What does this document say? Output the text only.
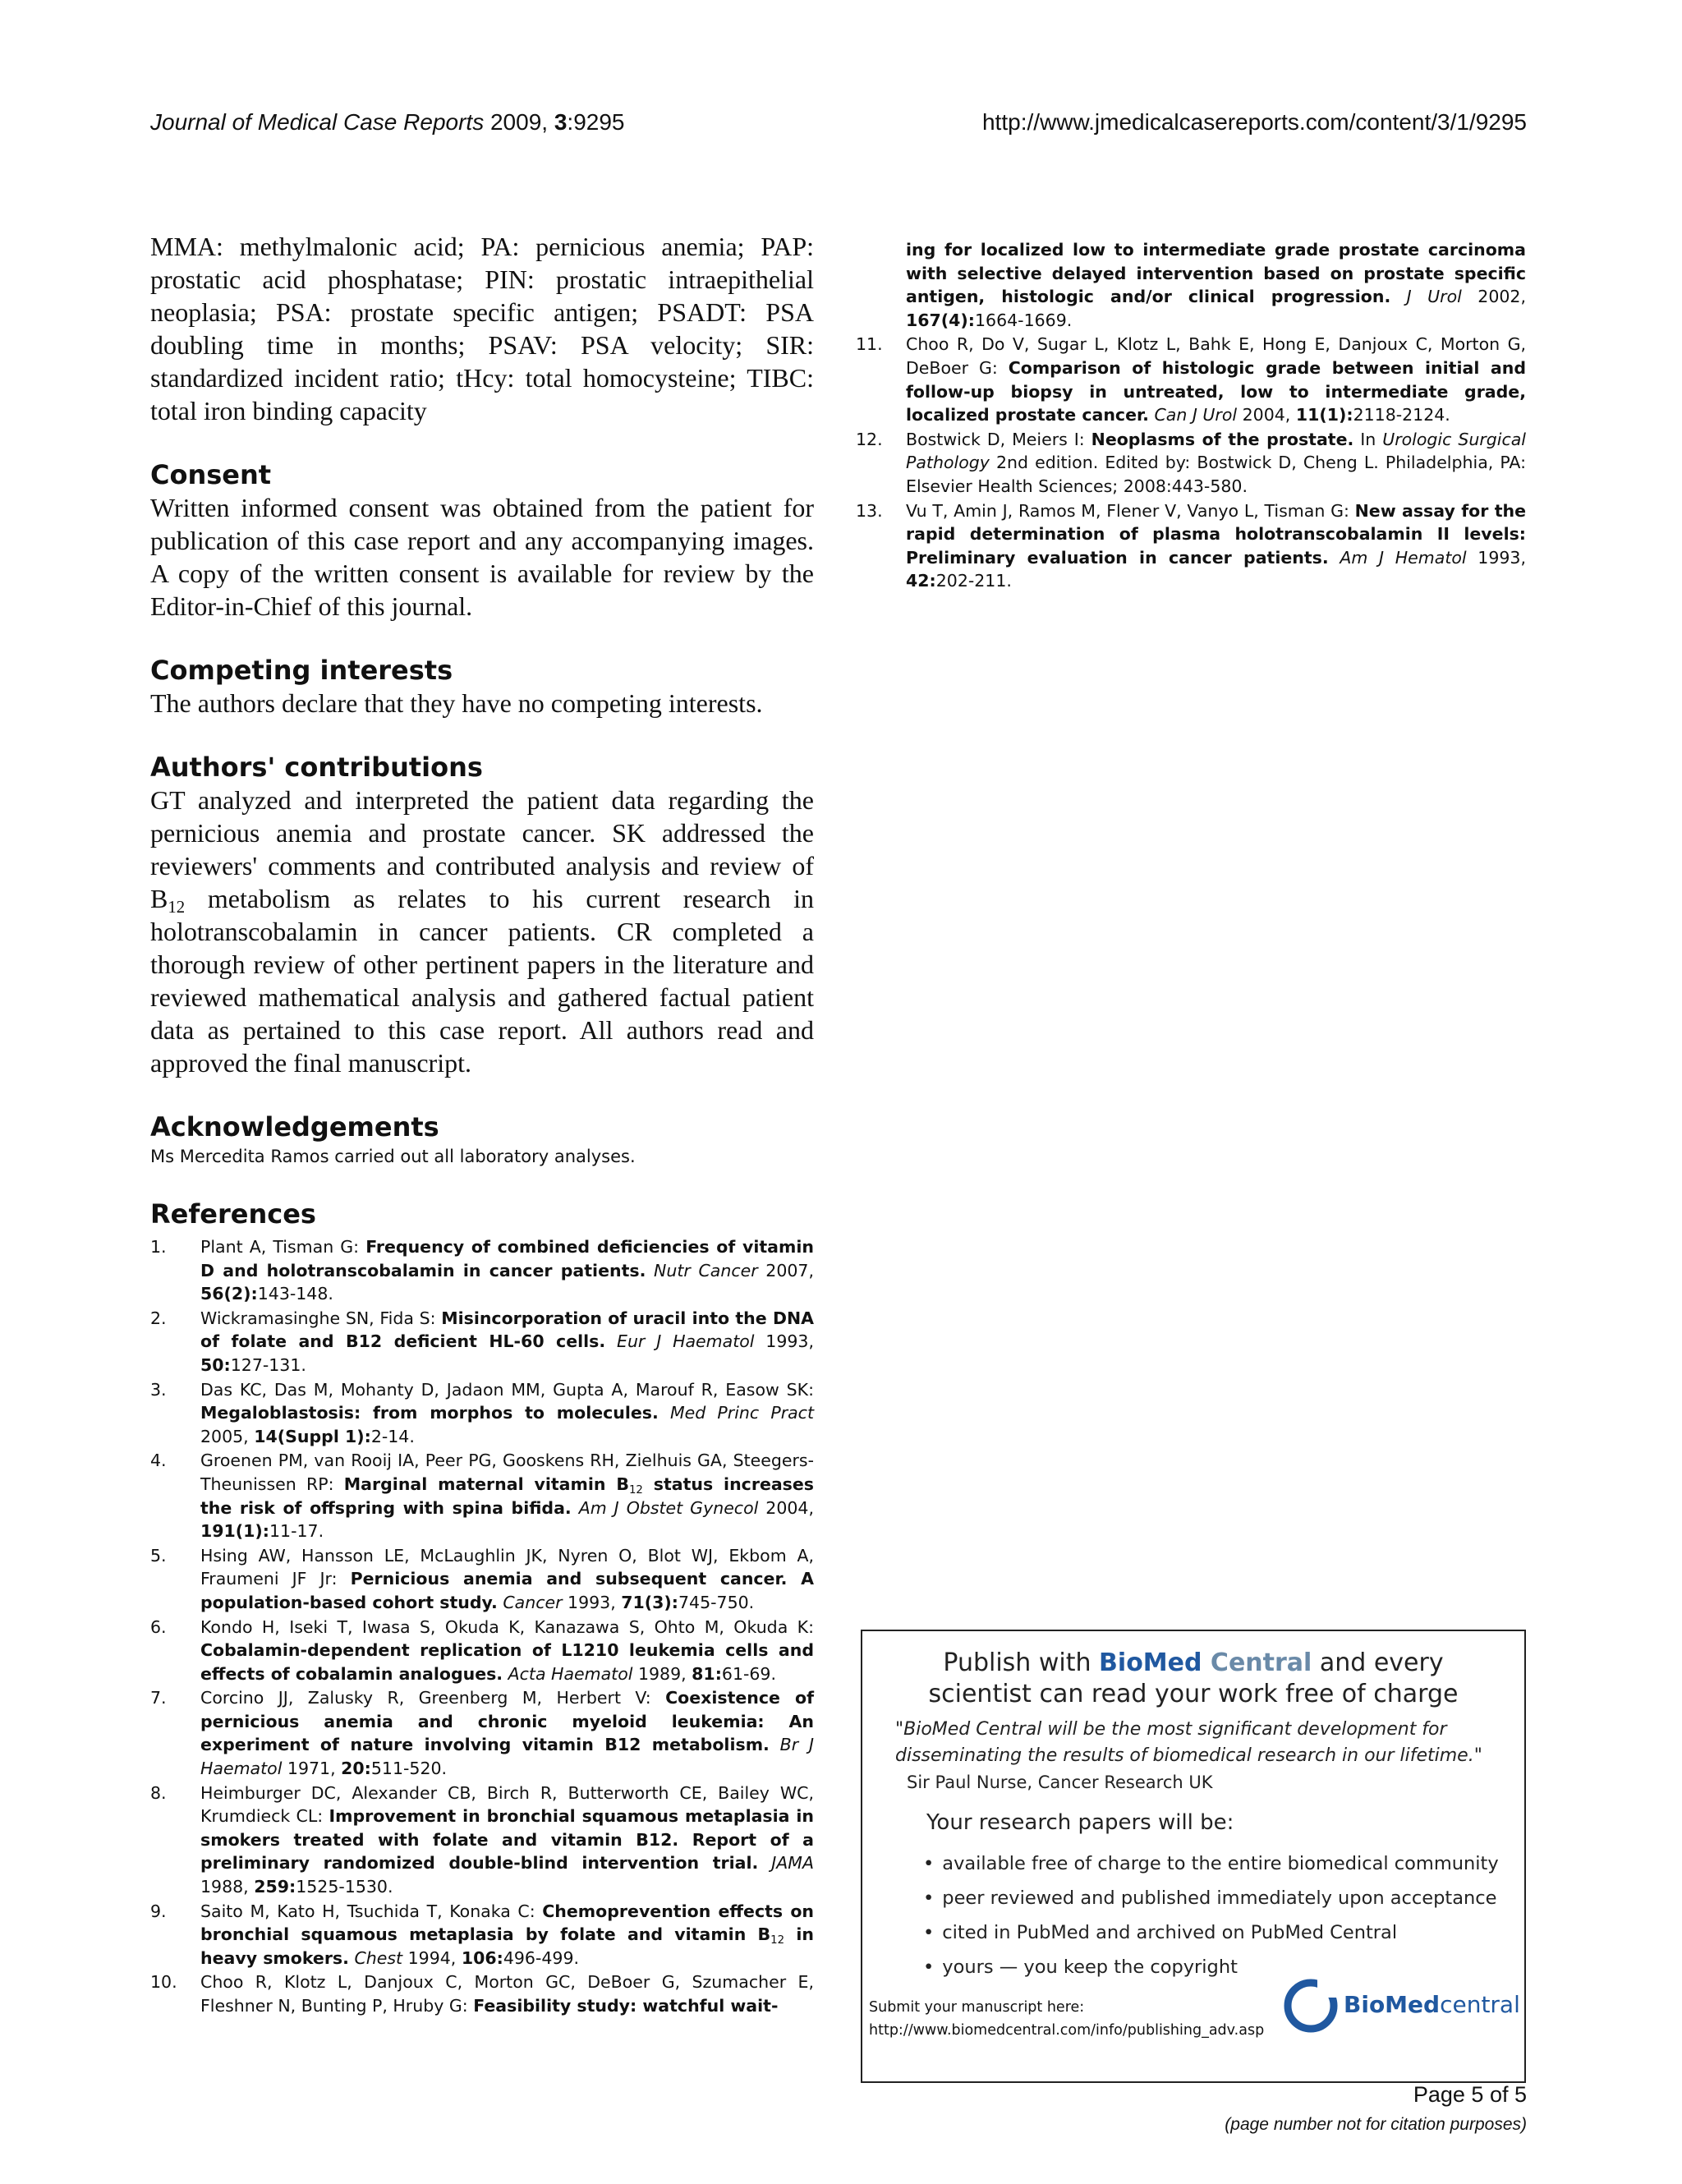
Journal of Medical Case Reports 2009, 3:9295	http://www.jmedicalcasereports.com/content/3/1/9295

MMA: methylmalonic acid; PA: pernicious anemia; PAP: prostatic acid phosphatase; PIN: prostatic intraepithelial neoplasia; PSA: prostate specific antigen; PSADT: PSA doubling time in months; PSAV: PSA velocity; SIR: standardized incident ratio; tHcy: total homocysteine; TIBC: total iron binding capacity

Consent

Written informed consent was obtained from the patient for publication of this case report and any accompanying images. A copy of the written consent is available for review by the Editor-in-Chief of this journal.

Competing interests

The authors declare that they have no competing interests.

Authors' contributions

GT analyzed and interpreted the patient data regarding the pernicious anemia and prostate cancer. SK addressed the reviewers' comments and contributed analysis and review of $B_{12}$ metabolism as relates to his current research in holotranscobalamin in cancer patients. CR completed a thorough review of other pertinent papers in the literature and reviewed mathematical analysis and gathered factual patient data as pertained to this case report. All authors read and approved the final manuscript.

Acknowledgements

Ms Mercedita Ramos carried out all laboratory analyses.

References
1. Plant A, Tisman G: Frequency of combined deficiencies of vitamin D and holotranscobalamin in cancer patients. Nutr Cancer 2007, 56(2):143-148.
2. Wickramasinghe SN, Fida S: Misincorporation of uracil into the DNA of folate and B12 deficient HL-60 cells. Eur J Haematol 1993, 50:127-131.
3. Das KC, Das M, Mohanty D, Jadaon MM, Gupta A, Marouf R, Easow SK: Megaloblastosis: from morphos to molecules. Med Princ Pract 2005, 14(Suppl 1):2-14.
4. Groenen PM, van Rooij IA, Peer PG, Gooskens RH, Zielhuis GA, Steegers-Theunissen RP: Marginal maternal vitamin $B_{12}$ status increases the risk of offspring with spina bifida. Am J Obstet Gynecol 2004, 191(1):11-17.
5. Hsing AW, Hansson LE, McLaughlin JK, Nyren O, Blot WJ, Ekbom A, Fraumeni JF Jr: Pernicious anemia and subsequent cancer. A population-based cohort study. Cancer 1993, 71(3):745-750.
6. Kondo H, Iseki T, Iwasa S, Okuda K, Kanazawa S, Ohto M, Okuda K: Cobalamin-dependent replication of L1210 leukemia cells and effects of cobalamin analogues. Acta Haematol 1989, 81:61-69.
7. Corcino JJ, Zalusky R, Greenberg M, Herbert V: Coexistence of pernicious anemia and chronic myeloid leukemia: An experiment of nature involving vitamin B12 metabolism. Br J Haematol 1971, 20:511-520.
8. Heimburger DC, Alexander CB, Birch R, Butterworth CE, Bailey WC, Krumdieck CL: Improvement in bronchial squamous metaplasia in smokers treated with folate and vitamin B12. Report of a preliminary randomized double-blind intervention trial. JAMA 1988, 259:1525-1530.
9. Saito M, Kato H, Tsuchida T, Konaka C: Chemoprevention effects on bronchial squamous metaplasia by folate and vitamin $B_{12}$ in heavy smokers. Chest 1994, 106:496-499.
10. Choo R, Klotz L, Danjoux C, Morton GC, DeBoer G, Szumacher E, Fleshner N, Bunting P, Hruby G: Feasibility study: watchful wait-
ing for localized low to intermediate grade prostate carcinoma with selective delayed intervention based on prostate specific antigen, histologic and/or clinical progression. J Urol 2002, 167(4):1664-1669.
11. Choo R, Do V, Sugar L, Klotz L, Bahk E, Hong E, Danjoux C, Morton G, DeBoer G: Comparison of histologic grade between initial and follow-up biopsy in untreated, low to intermediate grade, localized prostate cancer. Can J Urol 2004, 11(1):2118-2124.
12. Bostwick D, Meiers I: Neoplasms of the prostate. In Urologic Surgical Pathology 2nd edition. Edited by: Bostwick D, Cheng L. Philadelphia, PA: Elsevier Health Sciences; 2008:443-580.
13. Vu T, Amin J, Ramos M, Flener V, Vanyo L, Tisman G: New assay for the rapid determination of plasma holotranscobalamin II levels: Preliminary evaluation in cancer patients. Am J Hematol 1993, 42:202-211.
Publish with BioMed Central and every
scientist can read your work free of charge
"BioMed Central will be the most significant development for
disseminating the results of biomedical research in our lifetime."
Sir Paul Nurse, Cancer Research UK
Your research papers will be:
• available free of charge to the entire biomedical community
• peer reviewed and published immediately upon acceptance
• cited in PubMed and archived on PubMed Central
• yours — you keep the copyright
Submit your manuscript here:
http://www.biomedcentral.com/info/publishing_adv.asp
BioMedcentral
Page 5 of 5
(page number not for citation purposes)
